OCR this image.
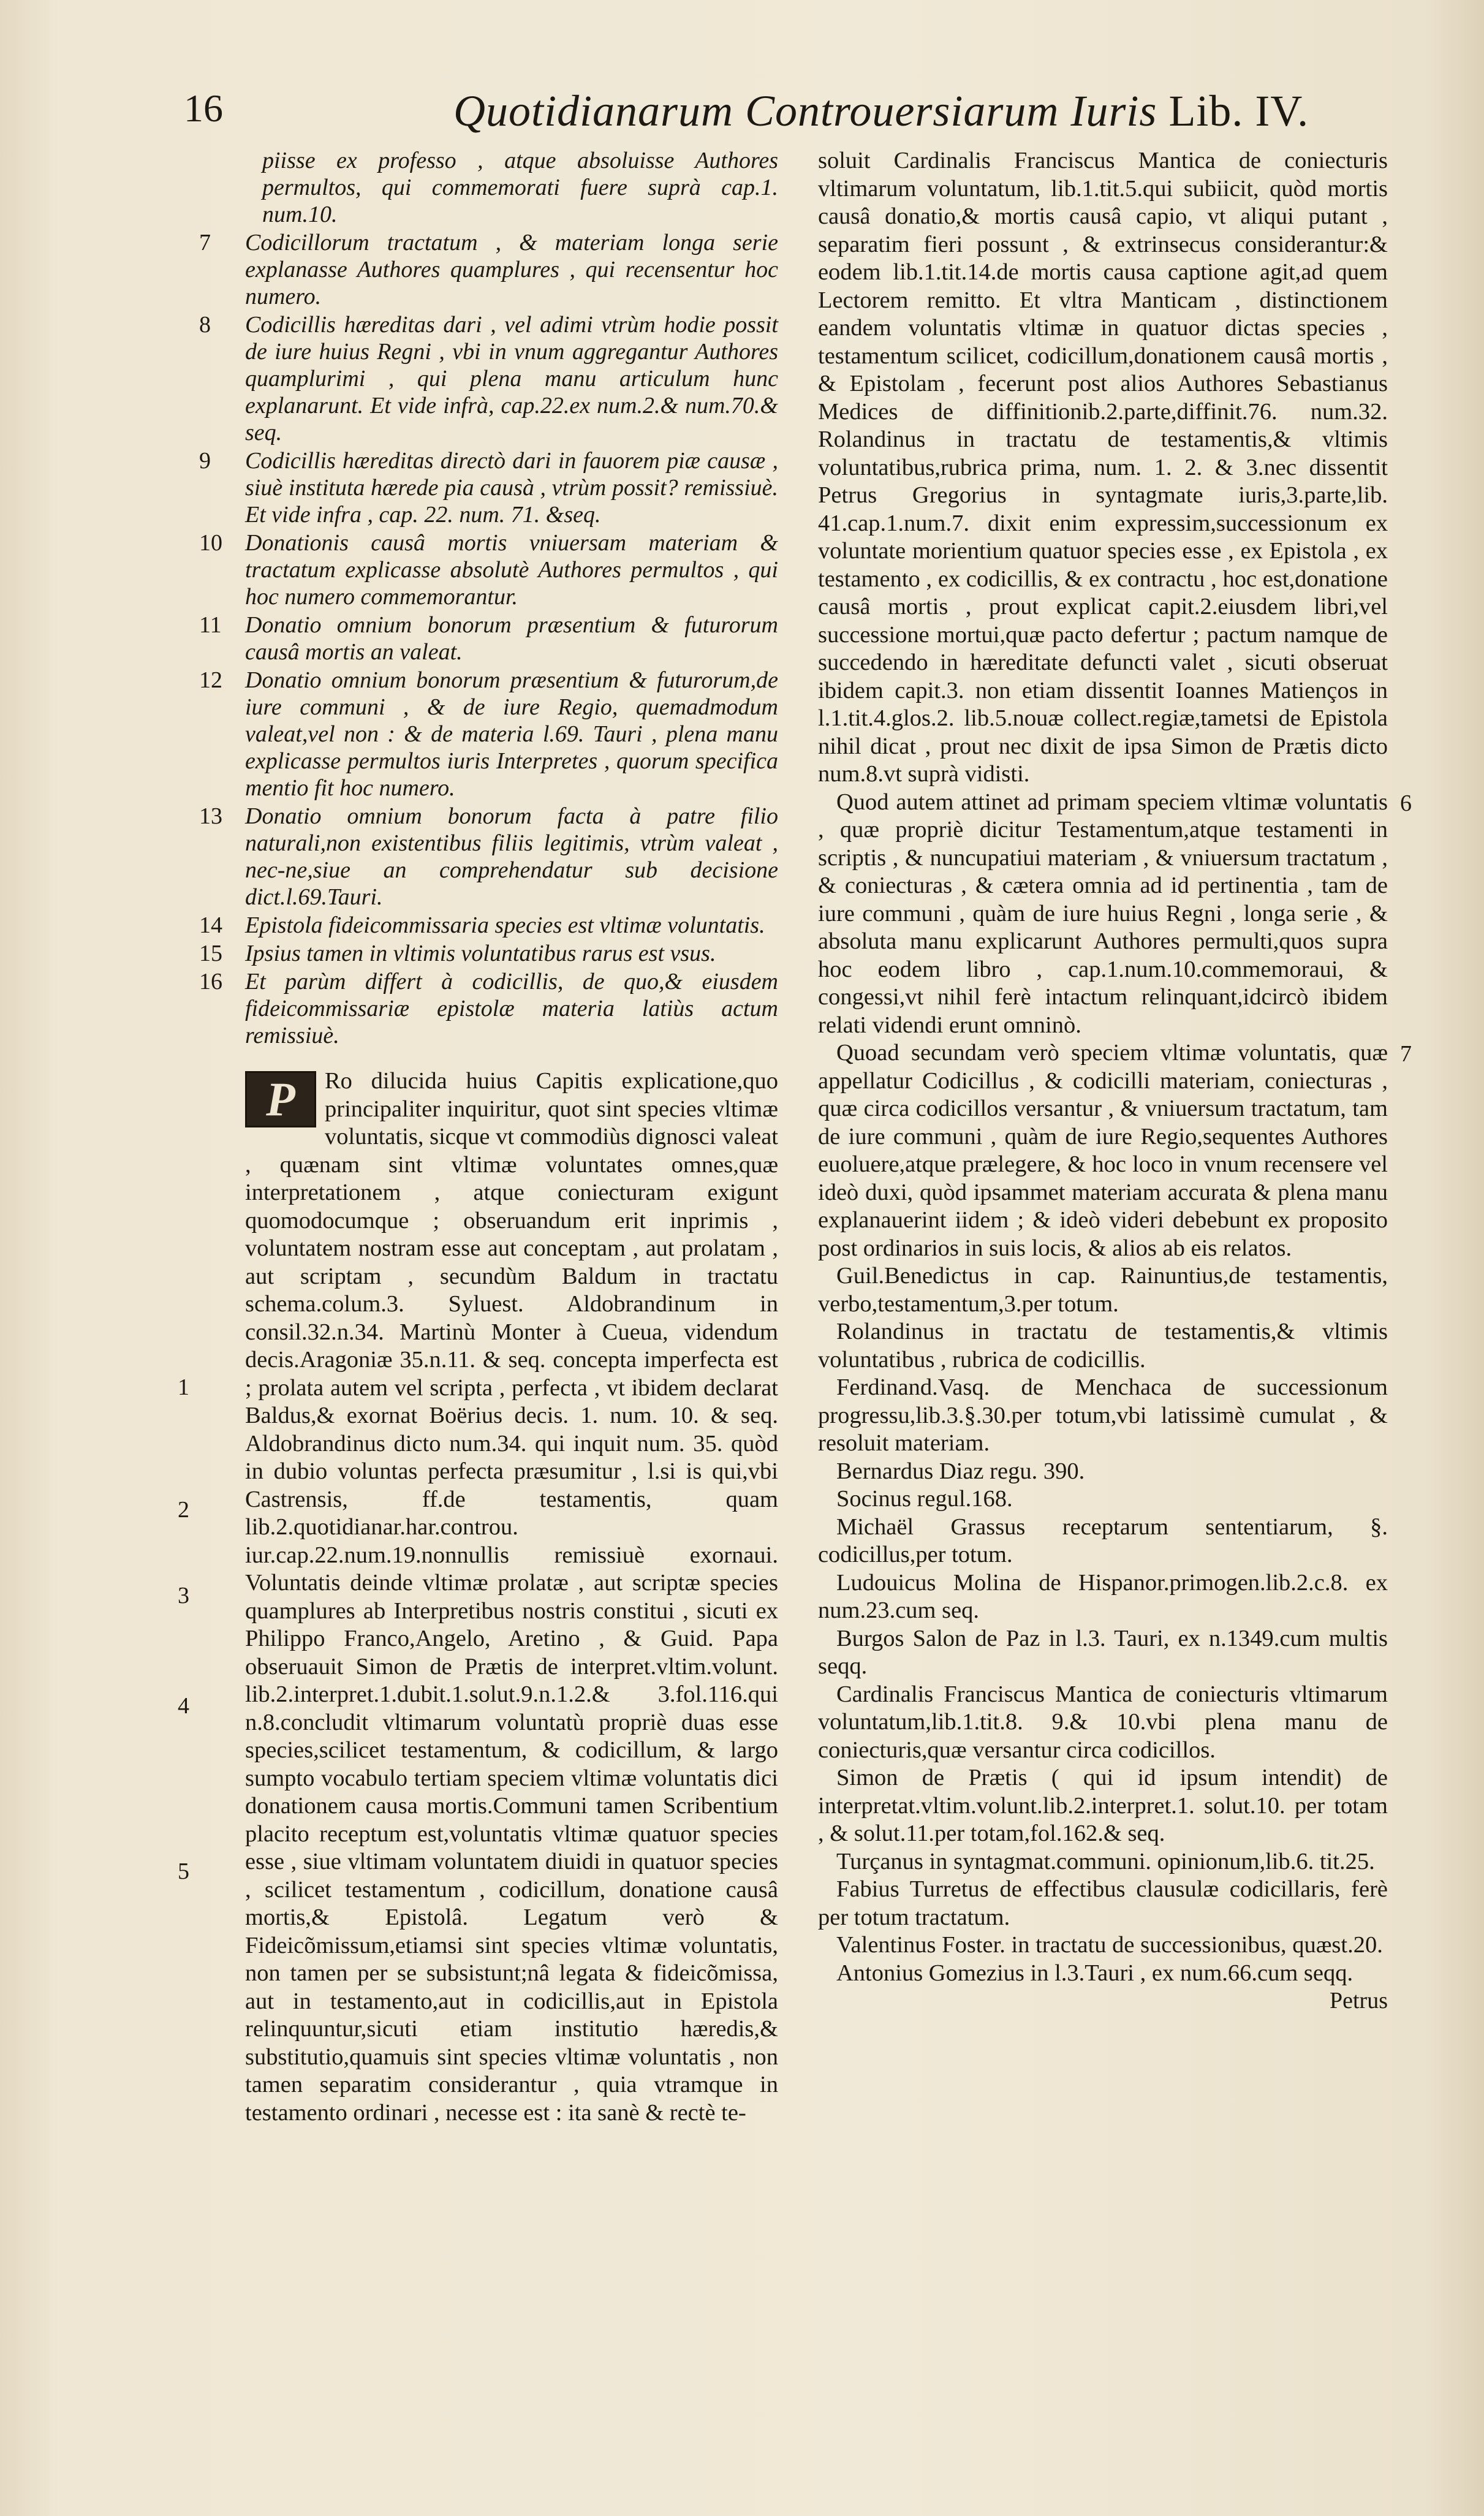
16	Quotidianarum Controuersiarum Iuris Lib. IV.
piisse ex professo , atque absoluisse Authores permultos, qui commemorati fuere suprà cap.1. num.10.
7 Codicillorum tractatum , & materiam longa serie explanasse Authores quamplures , qui recensentur hoc numero.
8 Codicillis hæreditas dari , vel adimi vtrùm hodie possit de iure huius Regni , vbi in vnum aggregantur Authores quamplurimi , qui plena manu articulum hunc explanarunt. Et vide infrà, cap.22.ex num.2.& num.70.& seq.
9 Codicillis hæreditas directò dari in fauorem piæ causæ , siuè instituta hærede pia causà , vtrùm possit? remissiuè. Et vide infra , cap. 22. num. 71. &seq.
10 Donationis causâ mortis vniuersam materiam & tractatum explicasse absolutè Authores permultos , qui hoc numero commemorantur.
11 Donatio omnium bonorum præsentium & futurorum causâ mortis an valeat.
12 Donatio omnium bonorum præsentium & futurorum,de iure communi , & de iure Regio, quemadmodum valeat,vel non : & de materia l.69. Tauri , plena manu explicasse permultos iuris Interpretes , quorum specifica mentio fit hoc numero.
13 Donatio omnium bonorum facta à patre filio naturali,non existentibus filiis legitimis, vtrùm valeat , nec-ne,siue an comprehendatur sub decisione dict.l.69.Tauri.
14 Epistola fideicommissaria species est vltimæ voluntatis.
15 Ipsius tamen in vltimis voluntatibus rarus est vsus.
16 Et parùm differt à codicillis, de quo,& eiusdem fideicommissariæ epistolæ materia latiùs actum remissiuè.
1
2
3
4
5

P	Ro dilucida huius Capitis explicatione,quo principaliter inquiritur, quot sint species vltimæ voluntatis, sicque vt commodiùs dignosci valeat , quænam sint vltimæ voluntates omnes,quæ interpretationem , atque coniecturam exigunt quomodocumque ; obseruandum erit inprimis , voluntatem nostram esse aut conceptam , aut prolatam , aut scriptam , secundùm Baldum in tractatu schema.colum.3. Syluest. Aldobrandinum in consil.32.n.34. Martinù Monter à Cueua, videndum decis.Aragoniæ 35.n.11. & seq. concepta imperfecta est ; prolata autem vel scripta , perfecta , vt ibidem declarat Baldus,& exornat Boërius decis. 1. num. 10. & seq. Aldobrandinus dicto num.34. qui inquit num. 35. quòd in dubio voluntas perfecta præsumitur , l.si is qui,vbi Castrensis, ff.de testamentis, quam lib.2.quotidianar.har.controu. iur.cap.22.num.19.nonnullis remissiuè exornaui. Voluntatis deinde vltimæ prolatæ , aut scriptæ species quamplures ab Interpretibus nostris constitui , sicuti ex Philippo Franco,Angelo, Aretino , & Guid. Papa obseruauit Simon de Prætis de interpret.vltim.volunt. lib.2.interpret.1.dubit.1.solut.9.n.1.2.& 3.fol.116.qui n.8.concludit vltimarum voluntatù propriè duas esse species,scilicet testamentum, & codicillum, & largo sumpto vocabulo tertiam speciem vltimæ voluntatis dici donationem causa mortis.Communi tamen Scribentium placito receptum est,voluntatis vltimæ quatuor species esse , siue vltimam voluntatem diuidi in quatuor species , scilicet testamentum , codicillum, donatione causâ mortis,& Epistolâ. Legatum verò & Fideicõmissum,etiamsi sint species vltimæ voluntatis, non tamen per se subsistunt;nâ legata & fideicõmissa, aut in testamento,aut in codicillis,aut in Epistola relinquuntur,sicuti etiam institutio hæredis,& substitutio,quamuis sint species vltimæ voluntatis , non tamen separatim considerantur , quia vtramque in testamento ordinari , necesse est : ita sanè & rectè te-

soluit Cardinalis Franciscus Mantica de coniecturis vltimarum voluntatum, lib.1.tit.5.qui subiicit, quòd mortis causâ donatio,& mortis causâ capio, vt aliqui putant , separatim fieri possunt , & extrinsecus considerantur:& eodem lib.1.tit.14.de mortis causa captione agit,ad quem Lectorem remitto. Et vltra Manticam , distinctionem eandem voluntatis vltimæ in quatuor dictas species , testamentum scilicet, codicillum,donationem causâ mortis , & Epistolam , fecerunt post alios Authores Sebastianus Medices de diffinitionib.2.parte,diffinit.76. num.32. Rolandinus in tractatu de testamentis,& vltimis voluntatibus,rubrica prima, num. 1. 2. & 3.nec dissentit Petrus Gregorius in syntagmate iuris,3.parte,lib. 41.cap.1.num.7. dixit enim expressim,successionum ex voluntate morientium quatuor species esse , ex Epistola , ex testamento , ex codicillis, & ex contractu , hoc est,donatione causâ mortis , prout explicat capit.2.eiusdem libri,vel successione mortui,quæ pacto defertur ; pactum namque de succedendo in hæreditate defuncti valet , sicuti obseruat ibidem capit.3. non etiam dissentit Ioannes Matienços in l.1.tit.4.glos.2. lib.5.nouæ collect.regiæ,tametsi de Epistola nihil dicat , prout nec dixit de ipsa Simon de Prætis dicto num.8.vt suprà vidisti.

6

Quod autem attinet ad primam speciem vltimæ voluntatis , quæ propriè dicitur Testamentum,atque testamenti in scriptis , & nuncupatiui materiam , & vniuersum tractatum , & coniecturas , & cætera omnia ad id pertinentia , tam de iure communi , quàm de iure huius Regni , longa serie , & absoluta manu explicarunt Authores permulti,quos supra hoc eodem libro , cap.1.num.10.commemoraui, & congessi,vt nihil ferè intactum relinquant,idcircò ibidem relati videndi erunt omninò.

7

Quoad secundam verò speciem vltimæ voluntatis, quæ appellatur Codicillus , & codicilli materiam, coniecturas , quæ circa codicillos versantur , & vniuersum tractatum, tam de iure communi , quàm de iure Regio,sequentes Authores euoluere,atque prælegere, & hoc loco in vnum recensere vel ideò duxi, quòd ipsammet materiam accurata & plena manu explanauerint iidem ; & ideò videri debebunt ex proposito post ordinarios in suis locis, & alios ab eis relatos.

Guil.Benedictus in cap. Rainuntius,de testamentis, verbo,testamentum,3.per totum.

Rolandinus in tractatu de testamentis,& vltimis voluntatibus , rubrica de codicillis.

Ferdinand.Vasq. de Menchaca de successionum progressu,lib.3.§.30.per totum,vbi latissimè cumulat , & resoluit materiam.

Bernardus Diaz regu. 390.

Socinus regul.168.

Michaël Grassus receptarum sententiarum, §. codicillus,per totum.

Ludouicus Molina de Hispanor.primogen.lib.2.c.8. ex num.23.cum seq.

Burgos Salon de Paz in l.3. Tauri, ex n.1349.cum multis seqq.

Cardinalis Franciscus Mantica de coniecturis vltimarum voluntatum,lib.1.tit.8. 9.& 10.vbi plena manu de coniecturis,quæ versantur circa codicillos.

Simon de Prætis ( qui id ipsum intendit) de interpretat.vltim.volunt.lib.2.interpret.1. solut.10. per totam , & solut.11.per totam,fol.162.& seq.

Turçanus in syntagmat.communi. opinionum,lib.6. tit.25.

Fabius Turretus de effectibus clausulæ codicillaris, ferè per totum tractatum.

Valentinus Foster. in tractatu de successionibus, quæst.20.

Antonius Gomezius in l.3.Tauri , ex num.66.cum seqq.

Petrus
